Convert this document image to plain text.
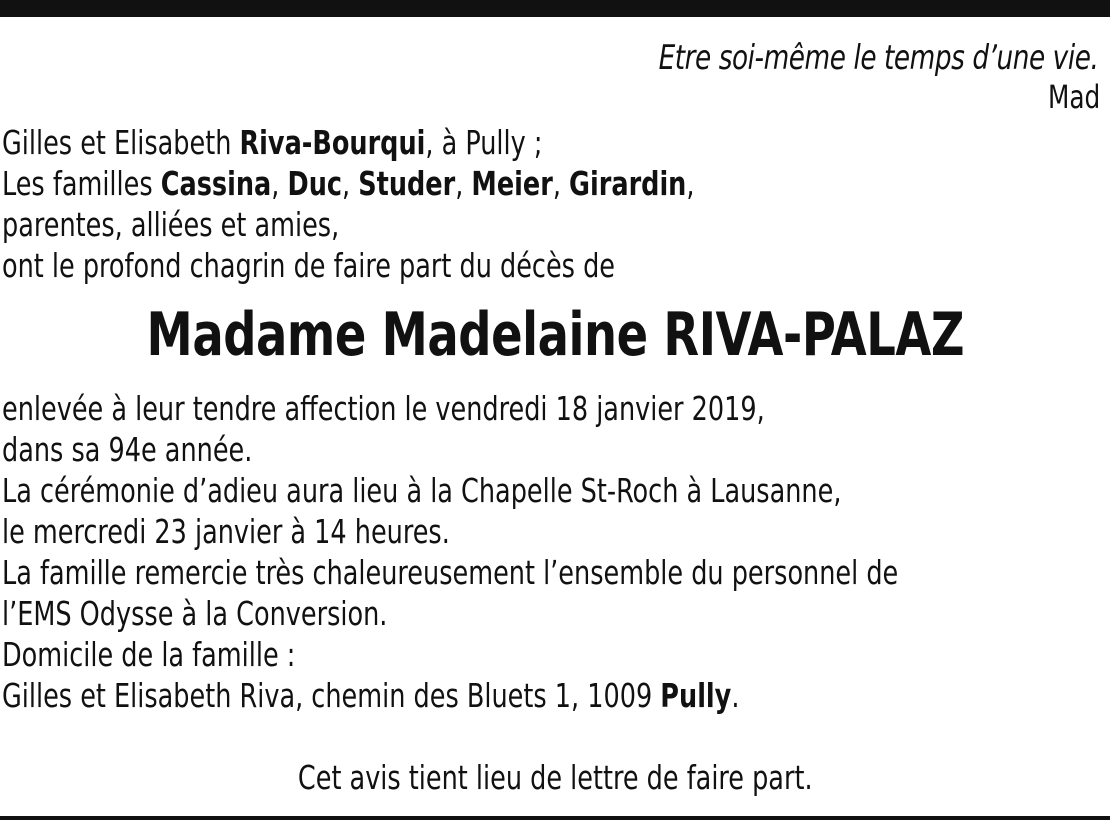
Etre soi-même le temps d’une vie.
Mad
Gilles et Elisabeth Riva-Bourqui, à Pully ;
Les familles Cassina, Duc, Studer, Meier, Girardin,
parentes, alliées et amies,
ont le profond chagrin de faire part du décès de
Madame Madelaine RIVA-PALAZ
enlevée à leur tendre affection le vendredi 18 janvier 2019,
dans sa 94e année.
La cérémonie d’adieu aura lieu à la Chapelle St-Roch à Lausanne,
le mercredi 23 janvier à 14 heures.
La famille remercie très chaleureusement l’ensemble du personnel de
l’EMS Odysse à la Conversion.
Domicile de la famille :
Gilles et Elisabeth Riva, chemin des Bluets 1, 1009 Pully.
Cet avis tient lieu de lettre de faire part.
